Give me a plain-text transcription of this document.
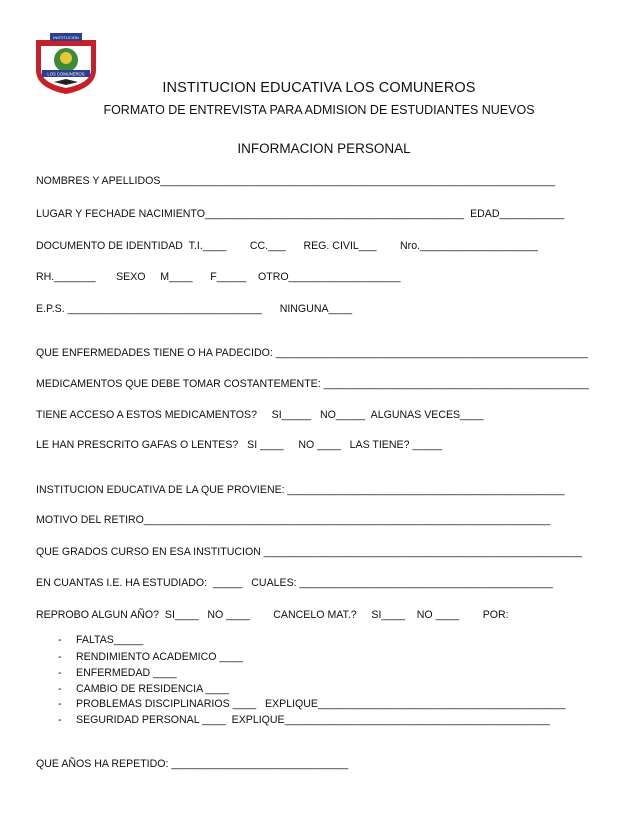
INSTITUCION
LOS COMUNEROS
INSTITUCION EDUCATIVA LOS COMUNEROS
FORMATO DE ENTREVISTA PARA ADMISION DE ESTUDIANTES NUEVOS
INFORMACION PERSONAL
NOMBRES Y APELLIDOS___________________________________________________________________
LUGAR Y FECHADE NACIMIENTO____________________________________________  EDAD___________
DOCUMENTO DE IDENTIDAD  T.I.____        CC.___      REG. CIVIL___        Nro.____________________
RH._______       SEXO     M____      F_____    OTRO___________________
E.P.S. _________________________________      NINGUNA____
QUE ENFERMEDADES TIENE O HA PADECIDO: _____________________________________________________
MEDICAMENTOS QUE DEBE TOMAR COSTANTEMENTE: _____________________________________________
TIENE ACCESO A ESTOS MEDICAMENTOS?     SI_____   NO_____  ALGUNAS VECES____
LE HAN PRESCRITO GAFAS O LENTES?   SI ____     NO ____   LAS TIENE? _____
INSTITUCION EDUCATIVA DE LA QUE PROVIENE: _______________________________________________
MOTIVO DEL RETIRO_____________________________________________________________________
QUE GRADOS CURSO EN ESA INSTITUCION ______________________________________________________
EN CUANTAS I.E. HA ESTUDIADO:  _____   CUALES: ___________________________________________
REPROBO ALGUN AÑO?  SI____   NO ____        CANCELO MAT.?     SI____    NO ____        POR:
- FALTAS_____
- RENDIMIENTO ACADEMICO ____
- ENFERMEDAD ____
- CAMBIO DE RESIDENCIA ____
- PROBLEMAS DISCIPLINARIOS ____   EXPLIQUE__________________________________________
- SEGURIDAD PERSONAL ____  EXPLIQUE_____________________________________________
QUE AÑOS HA REPETIDO: ______________________________
